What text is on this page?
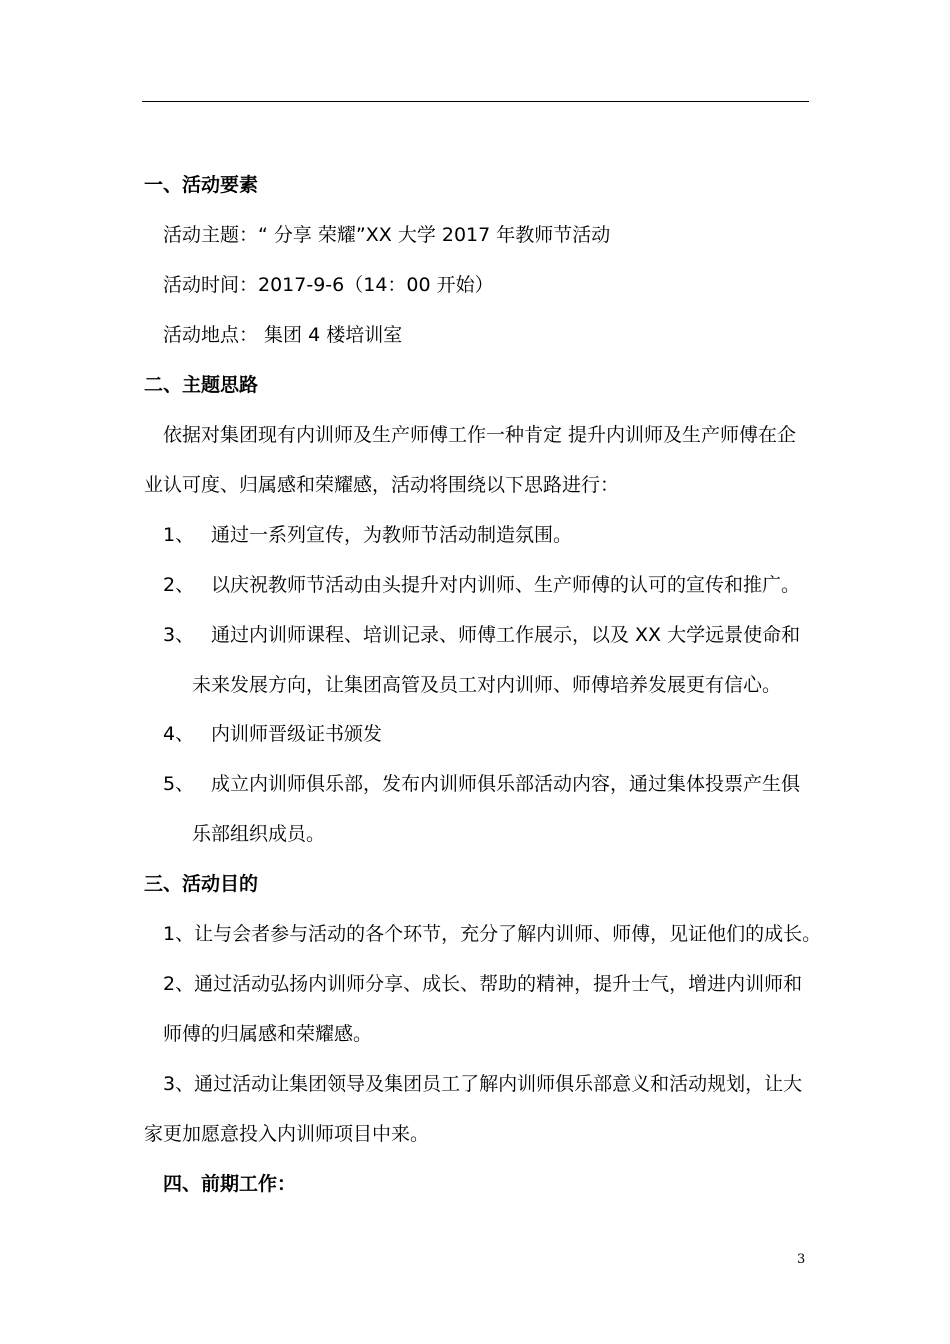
一、活动要素
活动主题：“ 分享 荣耀”XX 大学 2017 年教师节活动
活动时间：2017-9-6（14：00 开始）
活动地点： 集团 4 楼培训室
二、主题思路
依据对集团现有内训师及生产师傅工作一种肯定 提升内训师及生产师傅在企
业认可度、归属感和荣耀感，活动将围绕以下思路进行：
1、 通过一系列宣传，为教师节活动制造氛围。
2、 以庆祝教师节活动由头提升对内训师、生产师傅的认可的宣传和推广。
3、 通过内训师课程、培训记录、师傅工作展示，以及 XX 大学远景使命和
未来发展方向，让集团高管及员工对内训师、师傅培养发展更有信心。
4、 内训师晋级证书颁发
5、 成立内训师俱乐部，发布内训师俱乐部活动内容，通过集体投票产生俱
乐部组织成员。
三、活动目的
1、让与会者参与活动的各个环节，充分了解内训师、师傅，见证他们的成长。
2、通过活动弘扬内训师分享、成长、帮助的精神，提升士气，增进内训师和
师傅的归属感和荣耀感。
3、通过活动让集团领导及集团员工了解内训师俱乐部意义和活动规划，让大
家更加愿意投入内训师项目中来。
四、前期工作：
3
